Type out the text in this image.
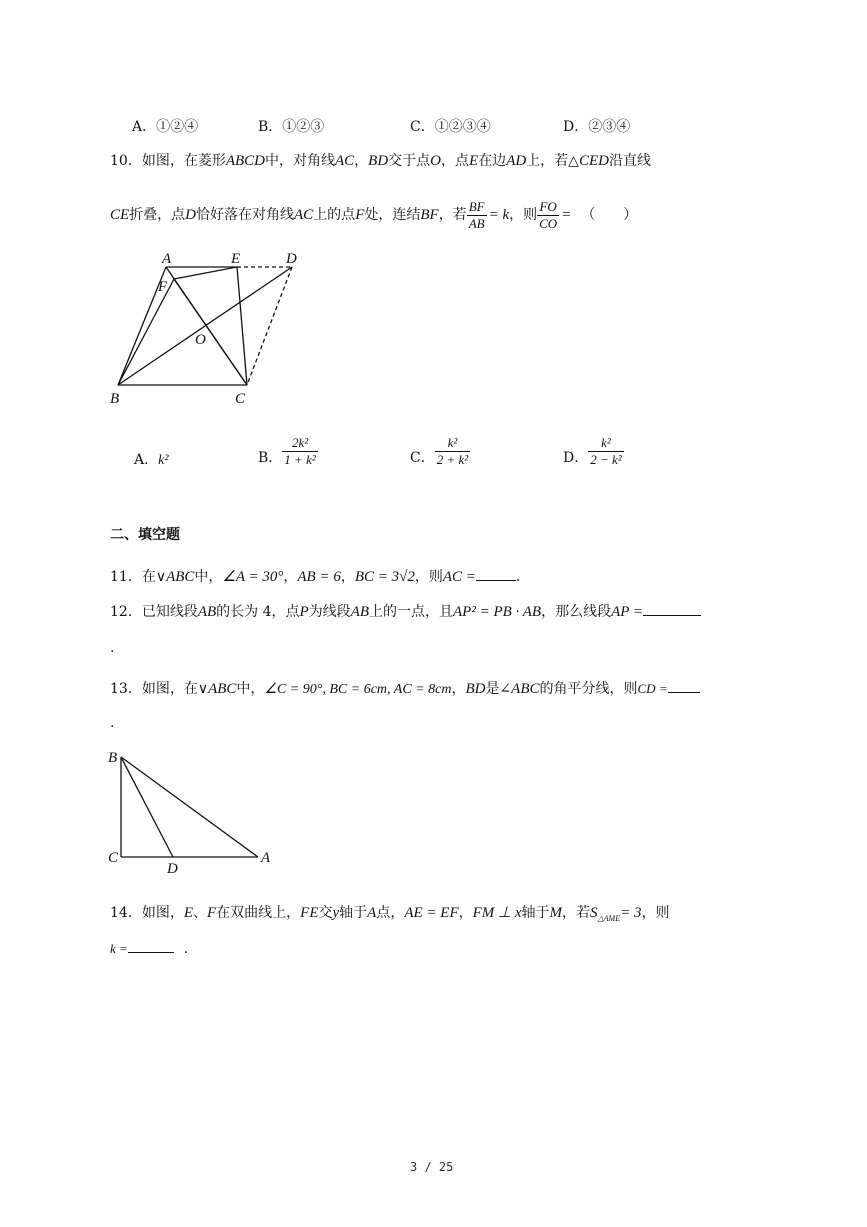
A．①②④	B．①②③	C．①②③④	D．②③④
10．如图，在菱形ABCD中，对角线AC，BD交于点O，点E在边AD上，若△CED沿直线
CE 折叠，点 D 恰好落在对角线 AC 上的点 F 处，连结 BF ，若 $\frac{BF}{AB} = k$ ，则 $\frac{FO}{CO}$ = （　　）
A	E	D
F
O
B	C
A．k²	B． $\frac{\text{2k²}}{\text{1 + k²}}$	C． $\frac{\text{k²}}{\text{2 + k²}}$	D． $\frac{\text{k²}}{\text{2 − k²}}$
二、填空题
11．在∨ABC中，∠A = 30°，AB = 6，BC = 3√2，则AC =	.
12．已知线段AB的长为 4，点P为线段AB上的一点，且AP² = PB · AB，那么线段AP =
.
13．如图，在∨ABC中，∠C = 90°, BC = 6cm, AC = 8cm，BD是∠ABC的角平分线，则CD =
.
B
C
D
A
14．如图，E、F在双曲线上，FE交y轴于A点，AE = EF，FM ⊥ x轴于M，若$S_{\triangle AME}= 3$，则
k =	.
3 / 25
